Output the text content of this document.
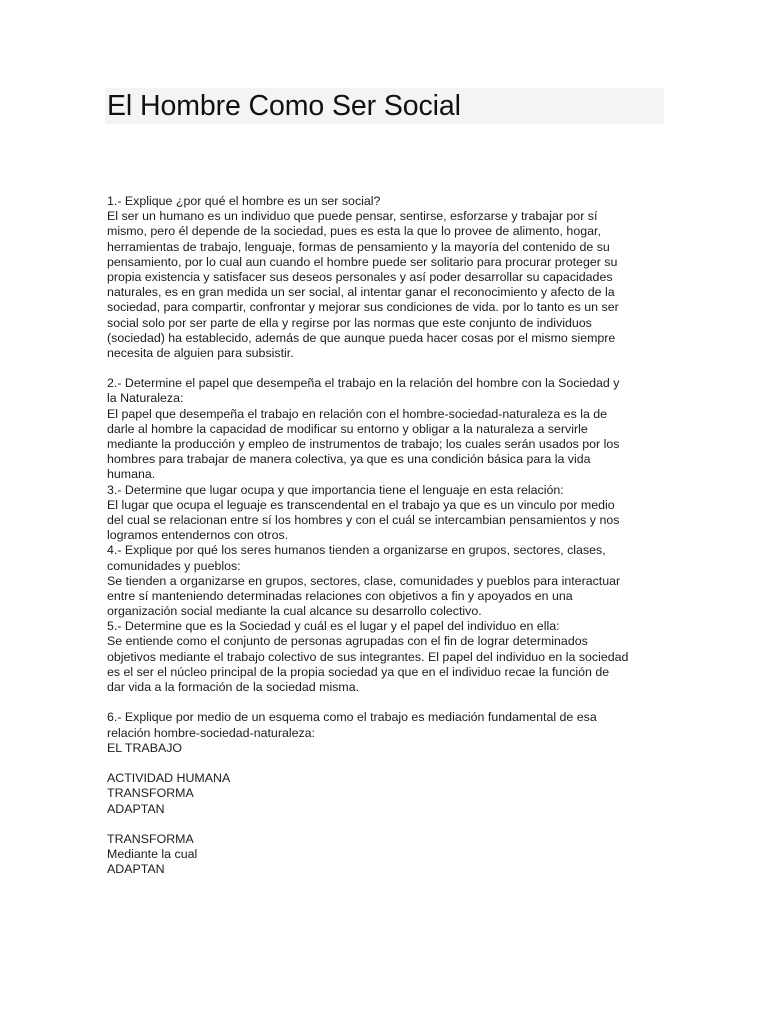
El Hombre Como Ser Social
1.- Explique ¿por qué el hombre es un ser social?
El ser un humano es un individuo que puede pensar, sentirse, esforzarse y trabajar por sí
mismo, pero él depende de la sociedad, pues es esta la que lo provee de alimento, hogar,
herramientas de trabajo, lenguaje, formas de pensamiento y la mayoría del contenido de su
pensamiento, por lo cual aun cuando el hombre puede ser solitario para procurar proteger su
propia existencia y satisfacer sus deseos personales y así poder desarrollar su capacidades
naturales, es en gran medida un ser social, al intentar ganar el reconocimiento y afecto de la
sociedad, para compartir, confrontar y mejorar sus condiciones de vida. por lo tanto es un ser
social solo por ser parte de ella y regirse por las normas que este conjunto de individuos
(sociedad) ha establecido, además de que aunque pueda hacer cosas por el mismo siempre
necesita de alguien para subsistir.
2.- Determine el papel que desempeña el trabajo en la relación del hombre con la Sociedad y
la Naturaleza:
El papel que desempeña el trabajo en relación con el hombre-sociedad-naturaleza es la de
darle al hombre la capacidad de modificar su entorno y obligar a la naturaleza a servirle
mediante la producción y empleo de instrumentos de trabajo; los cuales serán usados por los
hombres para trabajar de manera colectiva, ya que es una condición básica para la vida
humana.
3.- Determine que lugar ocupa y que importancia tiene el lenguaje en esta relación:
El lugar que ocupa el leguaje es transcendental en el trabajo ya que es un vinculo por medio
del cual se relacionan entre sí los hombres y con el cuál se intercambian pensamientos y nos
logramos entendernos con otros.
4.- Explique por qué los seres humanos tienden a organizarse en grupos, sectores, clases,
comunidades y pueblos:
Se tienden a organizarse en grupos, sectores, clase, comunidades y pueblos para interactuar
entre sí manteniendo determinadas relaciones con objetivos a fin y apoyados en una
organización social mediante la cual alcance su desarrollo colectivo.
5.- Determine que es la Sociedad y cuál es el lugar y el papel del individuo en ella:
Se entiende como el conjunto de personas agrupadas con el fin de lograr determinados
objetivos mediante el trabajo colectivo de sus integrantes. El papel del individuo en la sociedad
es el ser el núcleo principal de la propia sociedad ya que en el individuo recae la función de
dar vida a la formación de la sociedad misma.
6.- Explique por medio de un esquema como el trabajo es mediación fundamental de esa
relación hombre-sociedad-naturaleza:
EL TRABAJO
ACTIVIDAD HUMANA
TRANSFORMA
ADAPTAN
TRANSFORMA
Mediante la cual
ADAPTAN
